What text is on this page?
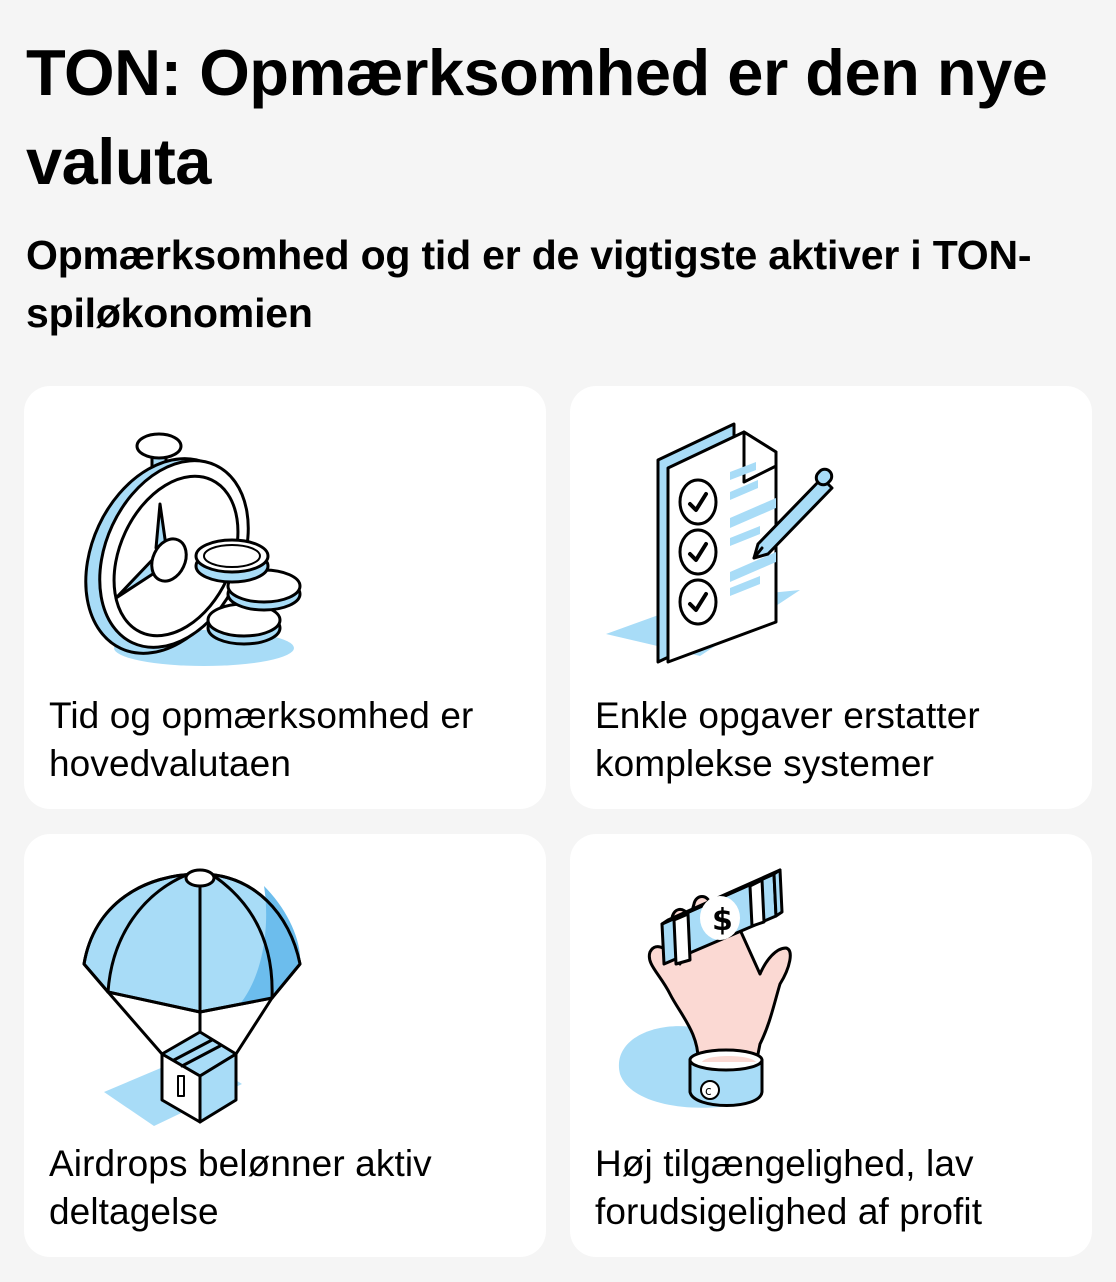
TON: Opmærksomhed er den nye valuta
Opmærksomhed og tid er de vigtigste aktiver i TON-spiløkonomien
Tid og opmærksomhed er hovedvalutaen
Enkle opgaver erstatter komplekse systemer
Airdrops belønner aktiv deltagelse
$
c
Høj tilgængelighed, lav forudsigelighed af profit
